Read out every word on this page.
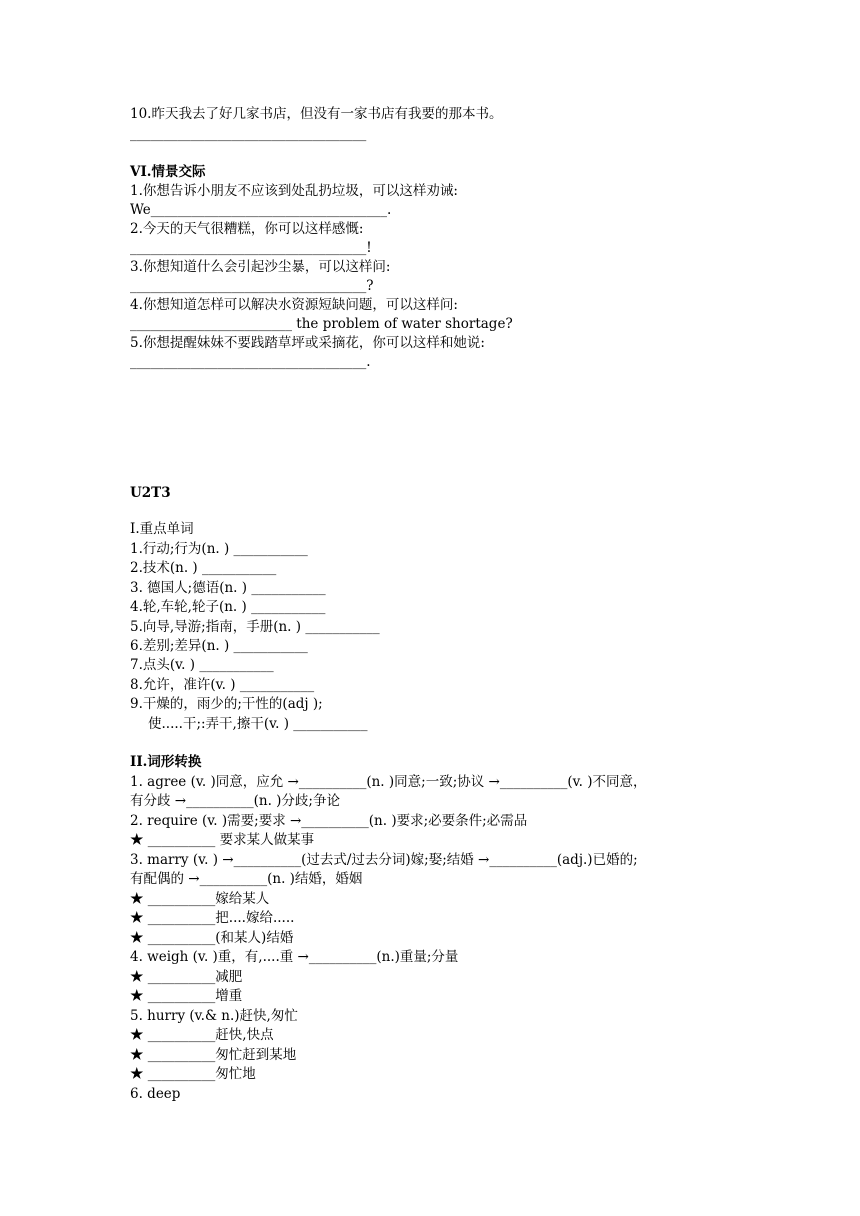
10.昨天我去了好几家书店，但没有一家书店有我要的那本书。
___________________________________
VI.情景交际
1.你想告诉小朋友不应该到处乱扔垃圾，可以这样劝诫:
We___________________________________.
2.今天的天气很糟糕，你可以这样感慨:
___________________________________!
3.你想知道什么会引起沙尘暴，可以这样问:
___________________________________?
4.你想知道怎样可以解决水资源短缺问题，可以这样问:
________________________ the problem of water shortage?
5.你想提醒妹妹不要践踏草坪或采摘花，你可以这样和她说:
___________________________________.
U2T3
I.重点单词
1.行动;行为(n. ) ___________
2.技术(n. ) ___________
3. 德国人;德语(n. ) ___________
4.轮,车轮,轮子(n. ) ___________
5.向导,导游;指南，手册(n. ) ___________
6.差别;差异(n. ) ___________
7.点头(v. ) ___________
8.允许，准许(v. ) ___________
9.干燥的，雨少的;干性的(adj );
使.....干;:弄干,擦干(v. ) ___________
II.词形转换
1. agree (v. )同意，应允 →__________(n. )同意;一致;协议 →__________(v. )不同意，
有分歧 →__________(n. )分歧;争论
2. require (v. )需要;要求 →__________(n. )要求;必要条件;必需品
★ __________ 要求某人做某事
3. marry (v. ) →__________(过去式/过去分词)嫁;娶;结婚 →__________(adj.)已婚的;
有配偶的 →__________(n. )结婚，婚姻
★ __________嫁给某人
★ __________把....嫁给.....
★ __________(和某人)结婚
4. weigh (v. )重，有,....重 →__________(n.)重量;分量
★ __________减肥
★ __________增重
5. hurry (v.& n.)赶快,匆忙
★ __________赶快,快点
★ __________匆忙赶到某地
★ __________匆忙地
6. deep
